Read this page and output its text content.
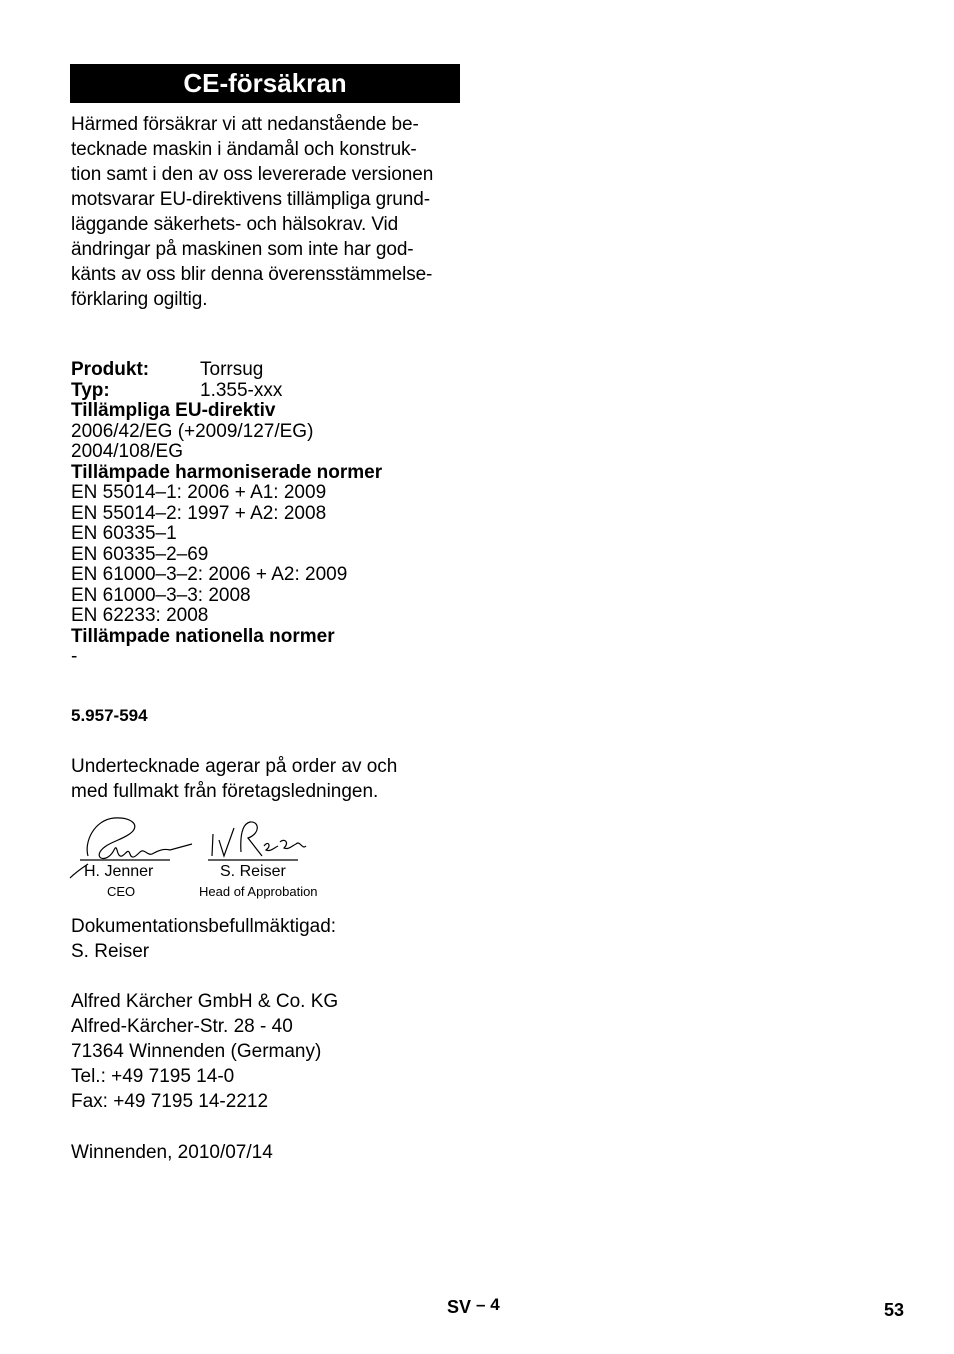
CE-försäkran
Härmed försäkrar vi att nedanstående be-
tecknade maskin i ändamål och konstruk-
tion samt i den av oss levererade versionen
motsvarar EU-direktivens tillämpliga grund-
läggande säkerhets- och hälsokrav. Vid
ändringar på maskinen som inte har god-
känts av oss blir denna överensstämmelse-
förklaring ogiltig.
Produkt:	Torrsug
Typ:	1.355-xxx
Tillämpliga EU-direktiv
2006/42/EG (+2009/127/EG)
2004/108/EG
Tillämpade harmoniserade normer
EN 55014–1: 2006 + A1: 2009
EN 55014–2: 1997 + A2: 2008
EN 60335–1
EN 60335–2–69
EN 61000–3–2: 2006 + A2: 2009
EN 61000–3–3: 2008
EN 62233: 2008
Tillämpade nationella normer
-
5.957-594
Undertecknade agerar på order av och
med fullmakt från företagsledningen.
H. Jenner
CEO
S. Reiser
Head of Approbation
Dokumentationsbefullmäktigad:
S. Reiser
Alfred Kärcher GmbH & Co. KG
Alfred-Kärcher-Str. 28 - 40
71364 Winnenden (Germany)
Tel.: +49 7195 14-0
Fax: +49 7195 14-2212
Winnenden, 2010/07/14
SV – 4	53
